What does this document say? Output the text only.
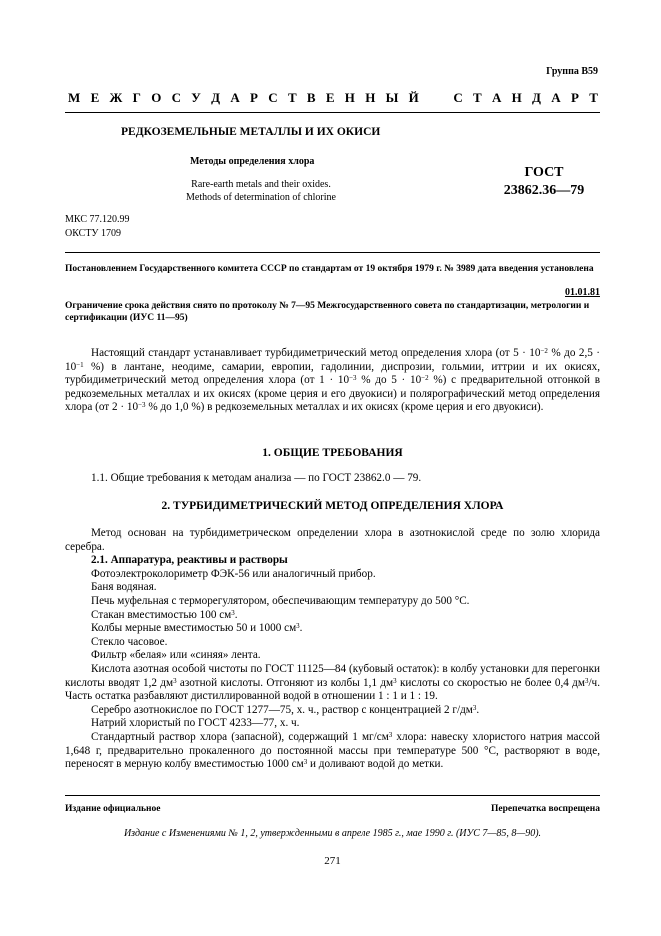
Группа В59
М Е Ж Г О С У Д А Р С Т В Е Н Н Ы Й	С Т А Н Д А Р Т
РЕДКОЗЕМЕЛЬНЫЕ МЕТАЛЛЫ И ИХ ОКИСИ
Методы определения хлора
Rare-earth metals and their oxides.
Methods of determination of chlorine
ГОСТ
23862.36—79
МКС 77.120.99
ОКСТУ 1709
Постановлением Государственного комитета СССР по стандартам от 19 октября 1979 г. № 3989 дата введения установлена
01.01.81
Ограничение срока действия снято по протоколу № 7—95 Межгосударственного совета по стандартизации, метрологии и сертификации (ИУС 11—95)

Настоящий стандарт устанавливает турбидиметрический метод определения хлора (от $5 \cdot 10^{-2}$ % до $2,5 \cdot 10^{-1}$ %) в лантане, неодиме, самарии, европии, гадолинии, диспрозии, гольмии, иттрии и их окисях, турбидиметрический метод определения хлора (от $1 \cdot 10^{-3}$ % до $5 \cdot 10^{-2}$ %) с предварительной отгонкой в редкоземельных металлах и их окисях (кроме церия и его двуокиси) и полярографический метод определения хлора (от $2 \cdot 10^{-3}$ % до 1,0 %) в редкоземельных металлах и их окисях (кроме церия и его двуокиси).

1. ОБЩИЕ ТРЕБОВАНИЯ

1.1. Общие требования к методам анализа — по ГОСТ 23862.0 — 79.

2. ТУРБИДИМЕТРИЧЕСКИЙ МЕТОД ОПРЕДЕЛЕНИЯ ХЛОРА

Метод основан на турбидиметрическом определении хлора в азотнокислой среде по золю хлорида серебра.

2.1. Аппаратура, реактивы и растворы

Фотоэлектроколориметр ФЭК-56 или аналогичный прибор.

Баня водяная.

Печь муфельная с терморегулятором, обеспечивающим температуру до 500 °С.

Стакан вместимостью 100 $см^3$.

Колбы мерные вместимостью 50 и 1000 $см^3$.

Стекло часовое.

Фильтр «белая» или «синяя» лента.

Кислота азотная особой чистоты по ГОСТ 11125—84 (кубовый остаток): в колбу установки для перегонки кислоты вводят 1,2 $дм^3$ азотной кислоты. Отгоняют из колбы 1,1 $дм^3$ кислоты со скоростью не более 0,4 $дм^3/ч$. Часть остатка разбавляют дистиллированной водой в отношении 1 : 1 и 1 : 19.

Серебро азотнокислое по ГОСТ 1277—75, х. ч., раствор с концентрацией 2 $г/дм^3$.

Натрий хлористый по ГОСТ 4233—77, х. ч.

Стандартный раствор хлора (запасной), содержащий 1 $мг/см^3$ хлора: навеску хлористого натрия массой 1,648 г, предварительно прокаленного до постоянной массы при температуре 500 °С, растворяют в воде, переносят в мерную колбу вместимостью 1000 $см^3$ и доливают водой до метки.

Издание официальное	Перепечатка воспрещена
Издание с Изменениями № 1, 2, утвержденными в апреле 1985 г., мае 1990 г. (ИУС 7—85, 8—90).
271
